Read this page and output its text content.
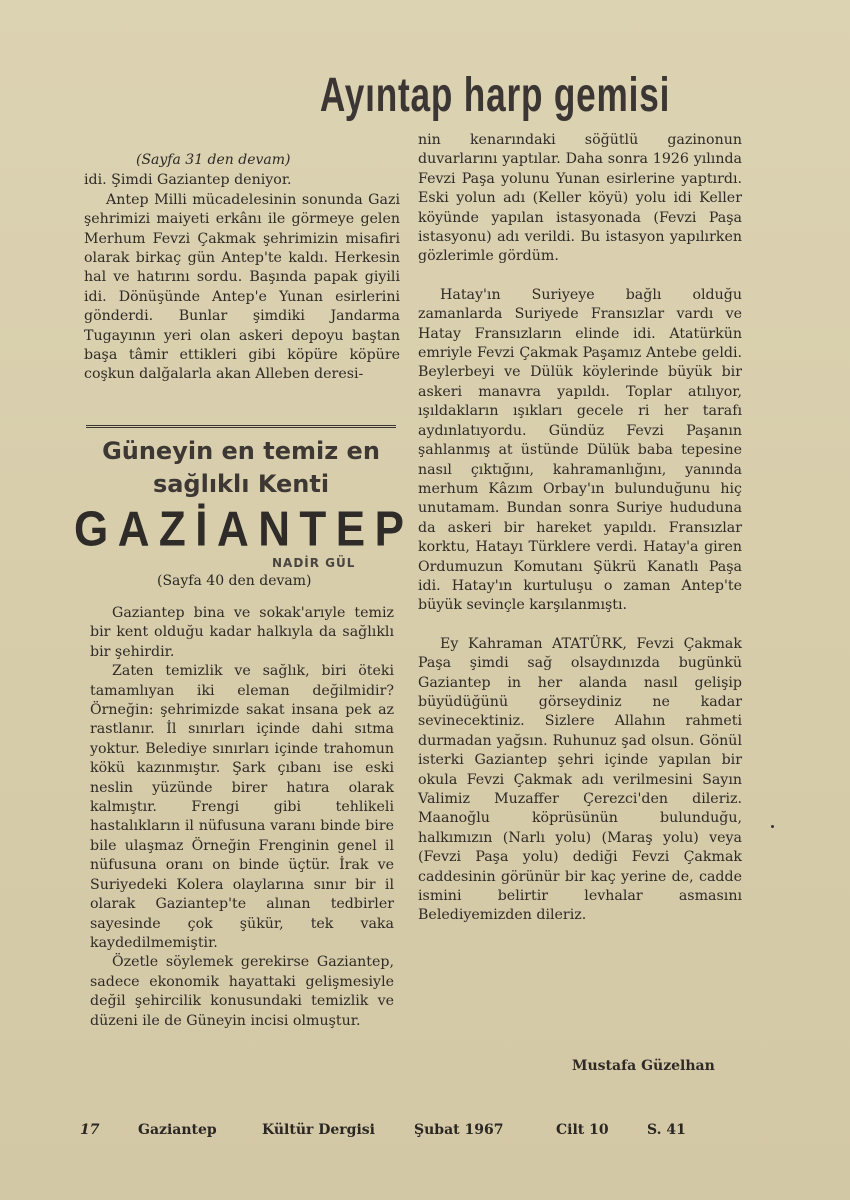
Ayıntap harp gemisi
(Sayfa 31 den devam)

idi. Şimdi Gaziantep deniyor.

Antep Milli mücadelesinin sonunda Gazi şehrimizi maiyeti erkânı ile görmeye gelen Merhum Fevzi Çakmak şehrimizin misafiri olarak birkaç gün Antep'te kaldı. Herkesin hal ve hatırını sordu. Başında papak giyili idi. Dönüşünde Antep'e Yunan esirlerini gönderdi. Bunlar şimdiki Jandarma Tugayının yeri olan askeri depoyu baştan başa tâmir ettikleri gibi köpüre köpüre coşkun dalğalarla akan Alleben deresi-

Güneyin en temiz en
sağlıklı Kenti
G A Z İ A N T E P
NADİR GÜL
(Sayfa 40 den devam)

Gaziantep bina ve sokak'arıyle temiz bir kent olduğu kadar halkıyla da sağlıklı bir şehirdir.

Zaten temizlik ve sağlık, biri öteki tamamlıyan iki eleman değilmidir? Örneğin: şehrimizde sakat insana pek az rastlanır. İl sınırları içinde dahi sıtma yoktur. Belediye sınırları içinde trahomun kökü kazınmıştır. Şark çıbanı ise eski neslin yüzünde birer hatıra olarak kalmıştır. Frengi gibi tehlikeli hastalıkların il nüfusuna varanı binde bire bile ulaşmaz Örneğin Frenginin genel il nüfusuna oranı on binde üçtür. İrak ve Suriyedeki Kolera olaylarına sınır bir il olarak Gaziantep'te alınan tedbirler sayesinde çok şükür, tek vaka kaydedilmemiştir.

Özetle söylemek gerekirse Gaziantep, sadece ekonomik hayattaki gelişmesiyle değil şehircilik konusundaki temizlik ve düzeni ile de Güneyin incisi olmuştur.

nin kenarındaki söğütlü gazinonun duvarlarını yaptılar. Daha sonra 1926 yılında Fevzi Paşa yolunu Yunan esirlerine yaptırdı. Eski yolun adı (Keller köyü) yolu idi Keller köyünde yapılan istasyonada (Fevzi Paşa istasyonu) adı verildi. Bu istasyon yapılırken gözlerimle gördüm.

Hatay'ın Suriyeye bağlı olduğu zamanlarda Suriyede Fransızlar vardı ve Hatay Fransızların elinde idi. Atatürkün emriyle Fevzi Çakmak Paşamız Antebe geldi. Beylerbeyi ve Dülük köylerinde büyük bir askeri manavra yapıldı. Toplar atılıyor, ışıldakların ışıkları gecele ri her tarafı aydınlatıyordu. Gündüz Fevzi Paşanın şahlanmış at üstünde Dülük baba tepesine nasıl çıktığını, kahramanlığını, yanında merhum Kâzım Orbay'ın bulunduğunu hiç unutamam. Bundan sonra Suriye hududuna da askeri bir hareket yapıldı. Fransızlar korktu, Hatayı Türklere verdi. Hatay'a giren Ordumuzun Komutanı Şükrü Kanatlı Paşa idi. Hatay'ın kurtuluşu o zaman Antep'te büyük sevinçle karşılanmıştı.

Ey Kahraman ATATÜRK, Fevzi Çakmak Paşa şimdi sağ olsaydınızda bugünkü Gaziantep in her alanda nasıl gelişip büyüdüğünü görseydiniz ne kadar sevinecektiniz. Sizlere Allahın rahmeti durmadan yağsın. Ruhunuz şad olsun. Gönül isterki Gaziantep şehri içinde yapılan bir okula Fevzi Çakmak adı verilmesini Sayın Valimiz Muzaffer Çerezci'den dileriz. Maanoğlu köprüsünün bulunduğu, halkımızın (Narlı yolu) (Maraş yolu) veya (Fevzi Paşa yolu) dediği Fevzi Çakmak caddesinin görünür bir kaç yerine de, cadde ismini belirtir levhalar asmasını Belediyemizden dileriz.

Mustafa Güzelhan
17	Gaziantep	Kültür Dergisi	Şubat 1967	Cilt 10	S. 41
